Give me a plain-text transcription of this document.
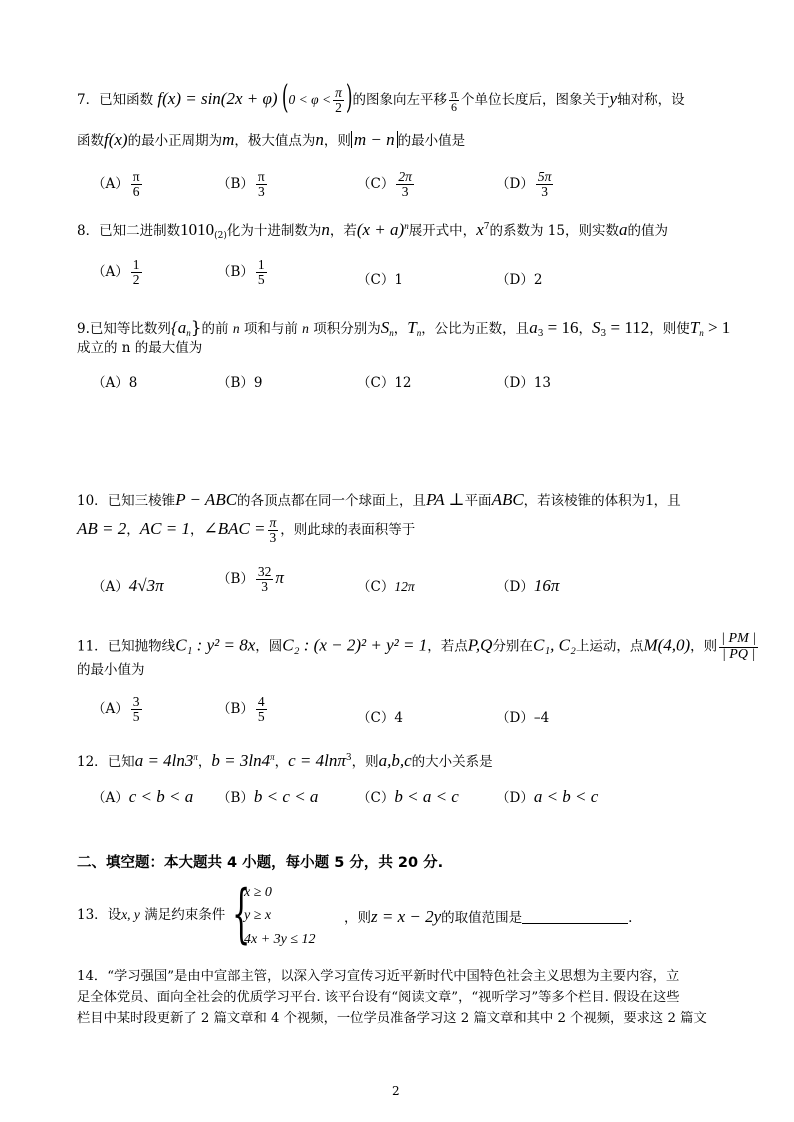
7．已知函数 f(x) = sin(2x + φ) ($0 < \varphi < \frac{\pi}{2}$ )的图象向左平移 $\frac{\pi}{6}$ 个单位长度后，图象关于y轴对称，设
函数f(x)的最小正周期为m，极大值点为n，则 m − n 的最小值是
$(A) \frac{\pi}{6}$	$(B) \frac{\pi}{3}$	$(C) \frac{2\pi}{3}$	$(D) \frac{5\pi}{3}$
8．已知二进制数$1010_{(2)}$化为十进制数为n，若$(x + a)^n$展开式中，$x^7$的系数为 15，则实数a的值为
$(A) \frac{1}{2}$	$(B) \frac{1}{5}$	（C）1	（D）2
9.已知等比数列$\{a_n\}$的前 n 项和与前 n 项积分别为$S_n$，$T_n$，公比为正数，且$a_3 = 16$，$S_3 = 112$，则使$T_n > 1$
成立的 n 的最大值为
（A）8	（B）9	（C）12	（D）13
10．已知三棱锥P − ABC的各顶点都在同一个球面上，且PA ⊥平面ABC，若该棱锥的体积为1，且
AB = 2，AC = 1，∠BAC = $\frac{\pi}{3}$ ，则此球的表面积等于
（A）4√3π	$(B) \frac{32}{3}$ π	（C）12π	（D）16π
11．已知抛物线C₁ : y² = 8x，圆C₂ : (x − 2)² + y² = 1，若点P,Q分别在C₁, C₂上运动，点M(4,0)，则 $\frac{| PM |}{| PQ |}$
的最小值为
$(A) \frac{3}{5}$	$(B) \frac{4}{5}$	（C）4	（D）–4
12．已知$a = 4\ln 3^\pi$，$b = 3\ln 4^\pi$，c = 4lnπ$^3$，则a,b,c的大小关系是
（A）c < b < a （B）b < c < a	（C）b < a < c	（D）a < b < c
二、填空题：本大题共 4 小题，每小题 5 分，共 20 分.
13．设x, y 满足约束条件 {
x ≥ 0
y ≥ x
4x + 3y ≤ 12
，则z = x − 2y的取值范围是	.
14．“学习强国”是由中宣部主管，以深入学习宣传习近平新时代中国特色社会主义思想为主要内容，立
足全体党员、面向全社会的优质学习平台. 该平台设有“阅读文章”，“视听学习”等多个栏目. 假设在这些
栏目中某时段更新了 2 篇文章和 4 个视频，一位学员准备学习这 2 篇文章和其中 2 个视频，要求这 2 篇文
2
